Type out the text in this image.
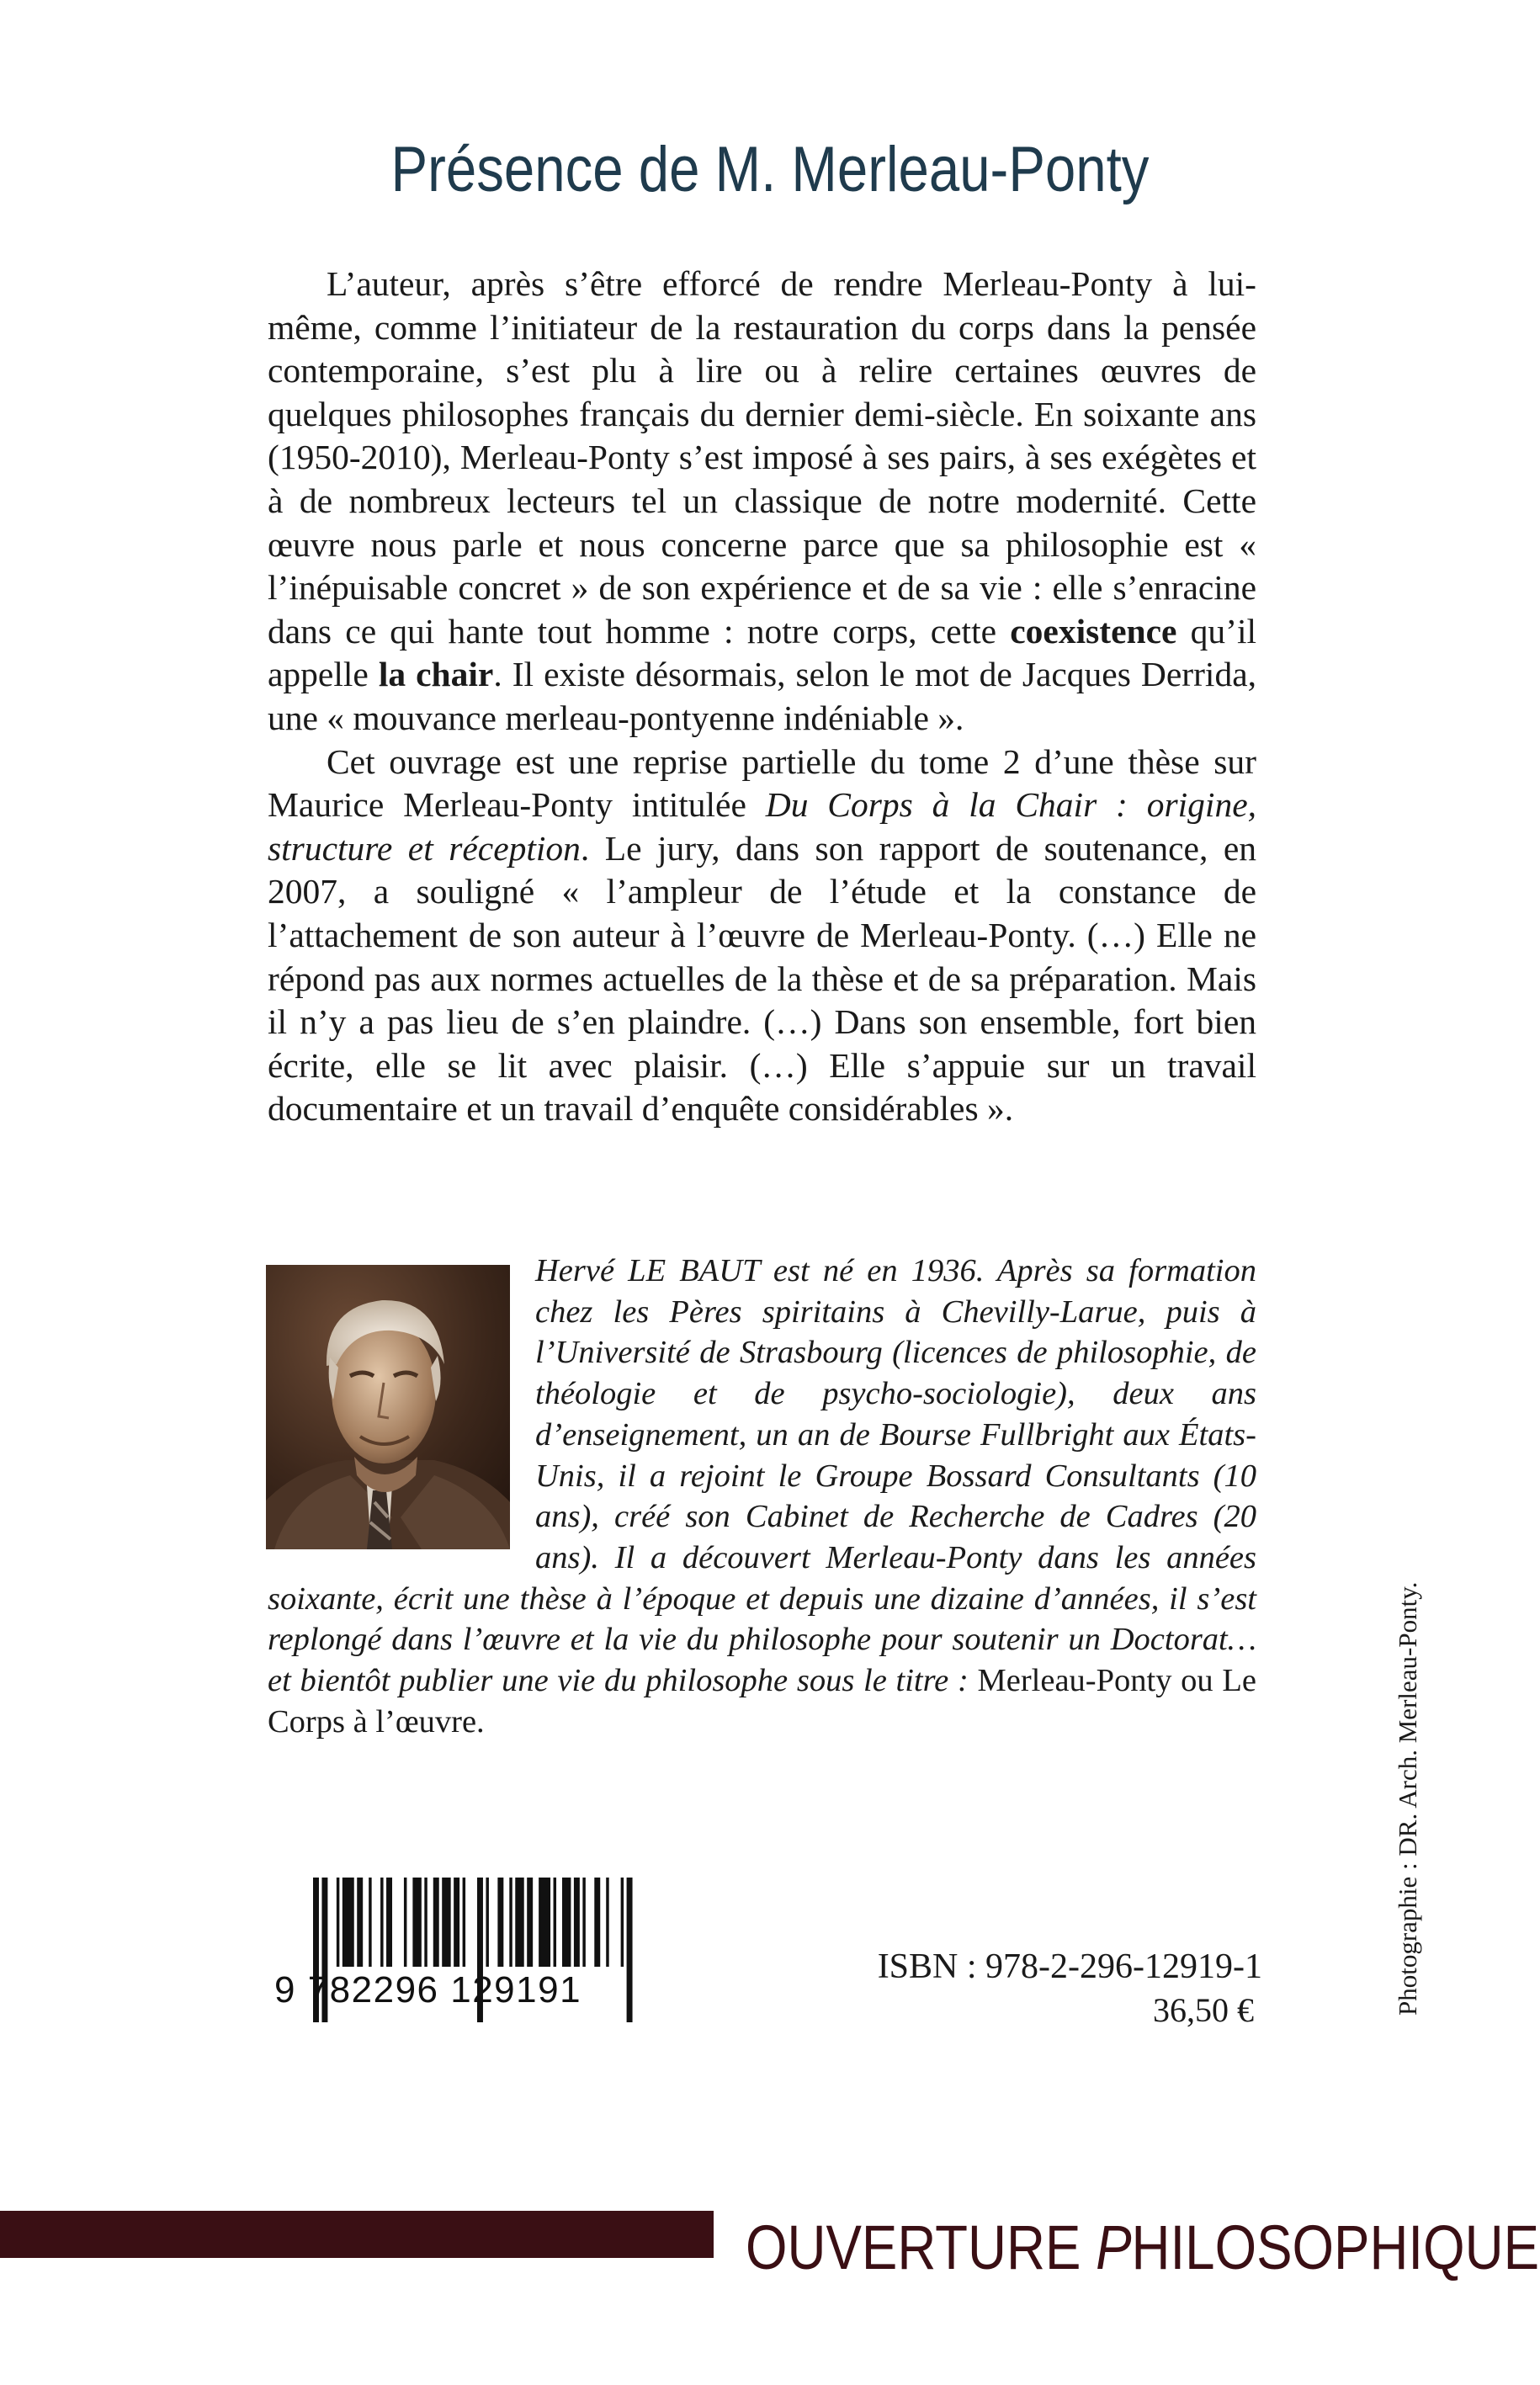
Présence de M. Merleau-Ponty

L’auteur, après s’être efforcé de rendre Merleau-Ponty à lui-même, comme l’initiateur de la restauration du corps dans la pensée contemporaine, s’est plu à lire ou à relire certaines œuvres de quelques philosophes français du dernier demi-siècle. En soixante ans (1950-2010), Merleau-Ponty s’est imposé à ses pairs, à ses exégètes et à de nombreux lecteurs tel un classique de notre modernité. Cette œuvre nous parle et nous concerne parce que sa philosophie est « l’inépuisable concret » de son expérience et de sa vie : elle s’enracine dans ce qui hante tout homme : notre corps, cette coexistence qu’il appelle la chair. Il existe désormais, selon le mot de Jacques Derrida, une « mouvance merleau-pontyenne indéniable ».

Cet ouvrage est une reprise partielle du tome 2 d’une thèse sur Maurice Merleau-Ponty intitulée Du Corps à la Chair : origine, structure et réception. Le jury, dans son rapport de soutenance, en 2007, a souligné « l’ampleur de l’étude et la constance de l’attachement de son auteur à l’œuvre de Merleau-Ponty. (…) Elle ne répond pas aux normes actuelles de la thèse et de sa préparation. Mais il n’y a pas lieu de s’en plaindre. (…) Dans son ensemble, fort bien écrite, elle se lit avec plaisir. (…) Elle s’appuie sur un travail documentaire et un travail d’enquête considérables ».

Hervé LE BAUT est né en 1936. Après sa formation chez les Pères spiritains à Chevilly-Larue, puis à l’Université de Strasbourg (licences de philosophie, de théologie et de psycho-sociologie), deux ans d’enseignement, un an de Bourse Fullbright aux États-Unis, il a rejoint le Groupe Bossard Consultants (10 ans), créé son Cabinet de Recherche de Cadres (20 ans). Il a découvert Merleau-Ponty dans les années soixante, écrit une thèse à l’époque et depuis une dizaine d’années, il s’est replongé dans l’œuvre et la vie du philosophe pour soutenir un Doctorat… et bientôt publier une vie du philosophe sous le titre : Merleau-Ponty ou Le Corps à l’œuvre.
9 782296 129191
ISBN : 978-2-296-12919-1
36,50 €	Photographie : DR. Arch. Merleau-Ponty.
OUVERTURE PHILOSOPHIQUE
